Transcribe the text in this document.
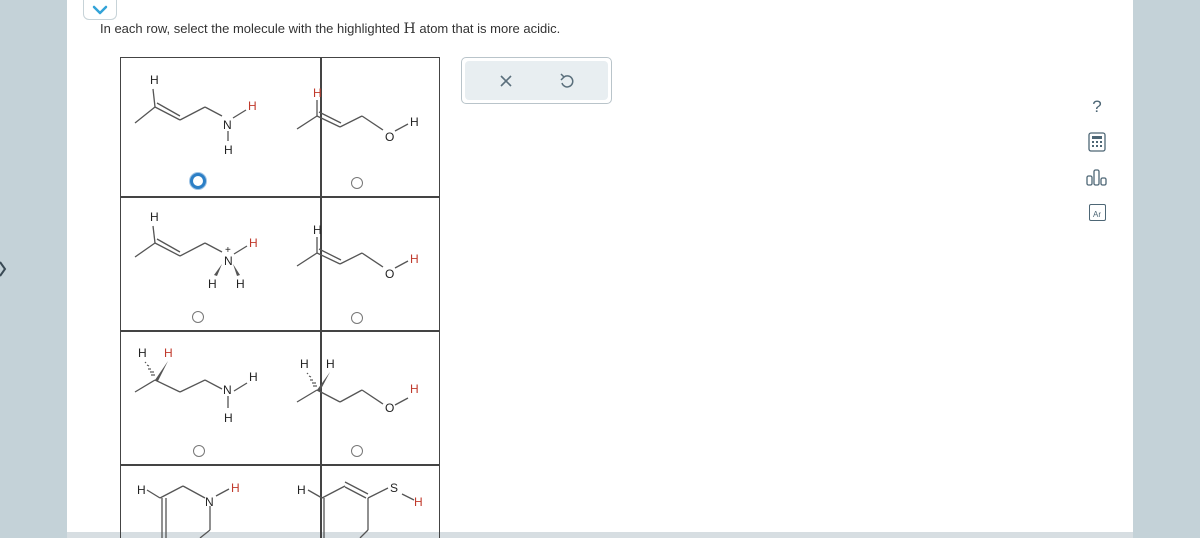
In each row, select the molecule with the highlighted H atom that is more acidic.
H
N
H
H
H
O
H
H
N
+
H
H H
H
O
H
H H
N
H
H
H H
O
H
H
N
H	H	S
H
?
Ar
